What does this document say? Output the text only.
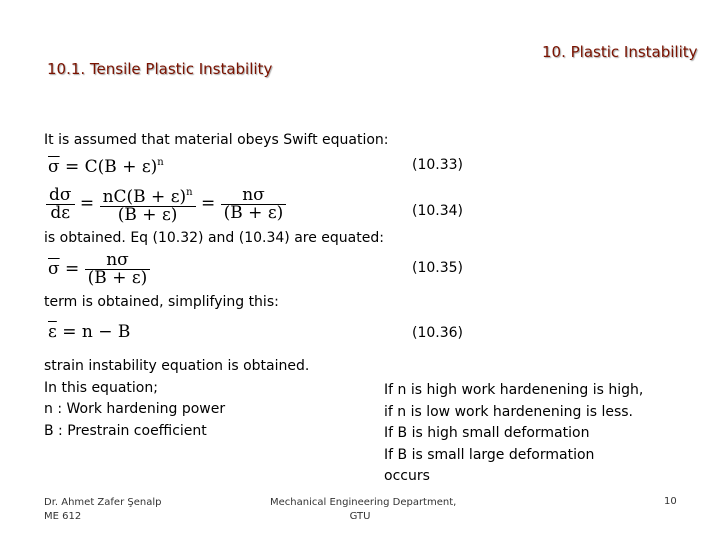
10. Plastic Instability
10.1. Tensile Plastic Instability
It is assumed that material obeys Swift equation:
$\overline{\sigma} = C(B + \varepsilon)^n$	(10.33)
$\frac{d\sigma}{d\varepsilon} = \frac{nC(B + \varepsilon)^n}{(B + \varepsilon)} = \frac{n\sigma}{(B + \varepsilon)}$	(10.34)
is obtained. Eq (10.32) and (10.34) are equated:
$\overline{\sigma} = \frac{n\sigma}{(B + \varepsilon)}$	(10.35)
term is obtained, simplifying this:
$\overline{\varepsilon} = n - B$	(10.36)
strain instability equation is obtained.
In this equation;
n : Work hardening power
B : Prestrain coefficient
If n is high work hardenening is high,
if n is low work hardenening is less.
If B is high small deformation
If B is small large deformation
occurs
Dr. Ahmet Zafer Şenalp
ME 612
Mechanical Engineering Department,
GTU
10
